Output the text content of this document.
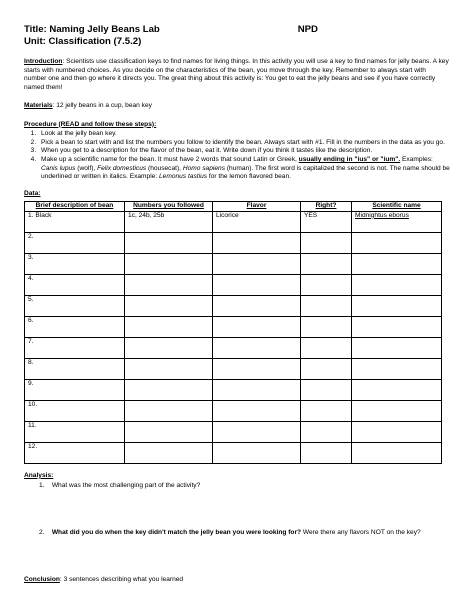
Title: Naming Jelly Beans Lab	NPD
Unit: Classification (7.5.2)
Introduction: Scientists use classification keys to find names for living things. In this activity you will use a key to find names for jelly beans. A key starts with numbered choices. As you decide on the characteristics of the bean, you move through the key. Remember to always start with number one and then go where it directs you. The great thing about this activity is: You get to eat the jelly beans and see if you have correctly named them!
Materials: 12 jelly beans in a cup, bean key
Procedure (READ and follow these steps):
1. Look at the jelly bean key.
2. Pick a bean to start with and list the numbers you follow to identify the bean. Always start with #1. Fill in the numbers in the data as you go.
3. When you get to a description for the flavor of the bean, eat it. Write down if you think it tastes like the description.
4. Make up a scientific name for the bean. It must have 2 words that sound Latin or Greek, usually ending in "ius" or "ium". Examples: Canis lupus (wolf), Felix domesticus (housecat), Homo sapiens (human). The first word is capitalized the second is not. The name should be underlined or written in italics. Example: Lemonus tastius for the lemon flavored bean.
Data:
Brief description of bean	Numbers you followed	Flavor	Right?	Scientific name
1. Black	1c, 24b, 25b	Licorice	YES	Midnightus eborus
2.				
3.				
4.				
5.				
6.				
7.				
8.				
9.				
10.				
11.				
12.				
Analysis:
1. What was the most challenging part of the activity?
2. What did you do when the key didn't match the jelly bean you were looking for? Were there any flavors NOT on the key?
Conclusion: 3 sentences describing what you learned
